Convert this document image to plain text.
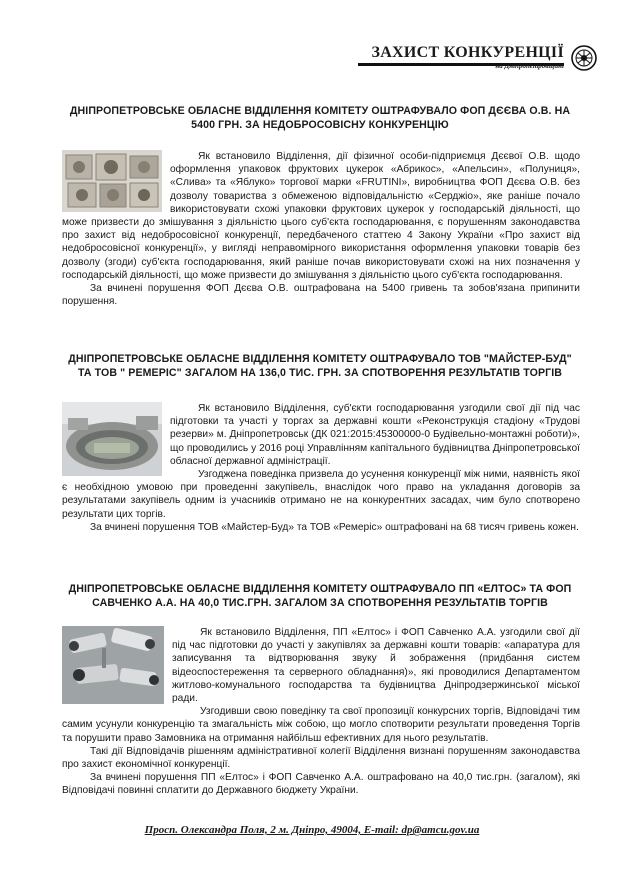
ЗАХИСТ КОНКУРЕНЦІЇ
на Дніпропетровщині
ДНІПРОПЕТРОВСЬКЕ ОБЛАСНЕ ВІДДІЛЕННЯ КОМІТЕТУ ОШТРАФУВАЛО ФОП ДЄЄВА О.В. НА 5400 ГРН. ЗА НЕДОБРОСОВІСНУ КОНКУРЕНЦІЮ

Як встановило Відділення, дії фізичної особи-підприємця Дєєвої О.В. щодо оформлення упаковок фруктових цукерок «Абрикос», «Апельсин», «Полуниця», «Слива» та «Яблуко» торгової марки «FRUTINI», виробництва ФОП Дєєва О.В. без дозволу товариства з обмеженою відповідальністю «Серджіо», яке раніше почало використовувати схожі упаковки фруктових цукерок у господарській діяльності, що може призвести до змішування з діяльністю цього суб'єкта господарювання, є порушенням законодавства про захист від недобросовісної конкуренції, передбаченого статтею 4 Закону України «Про захист від недобросовісної конкуренції», у вигляді неправомірного використання оформлення упаковки товарів без дозволу (згоди) суб'єкта господарювання, який раніше почав використовувати схожі на них позначення у господарській діяльності, що може призвести до змішування з діяльністю цього суб'єкта господарювання.

За вчинені порушення ФОП Дєєва О.В. оштрафована на 5400 гривень та зобов'язана припинити порушення.

ДНІПРОПЕТРОВСЬКЕ ОБЛАСНЕ ВІДДІЛЕННЯ КОМІТЕТУ ОШТРАФУВАЛО ТОВ "МАЙСТЕР-БУД" ТА ТОВ " РЕМЕРІС" ЗАГАЛОМ НА 136,0 ТИС. ГРН. ЗА СПОТВОРЕННЯ РЕЗУЛЬТАТІВ ТОРГІВ

Як встановило Відділення, суб'єкти господарювання узгодили свої дії під час підготовки та участі у торгах за державні кошти «Реконструкція стадіону «Трудові резерви» м. Дніпропетровськ (ДК 021:2015:45300000-0 Будівельно-монтажні роботи)», що проводились у 2016 році Управлінням капітального будівництва Дніпропетровської обласної державної адміністрації.

Узгоджена поведінка призвела до усунення конкуренції між ними, наявність якої є необхідною умовою при проведенні закупівель, внаслідок чого право на укладання договорів за результатами закупівель одним із учасників отримано не на конкурентних засадах, чим було спотворено результати цих торгів.

За вчинені порушення ТОВ «Майстер-Буд» та ТОВ «Ремеріс» оштрафовані на 68 тисяч гривень кожен.

ДНІПРОПЕТРОВСЬКЕ ОБЛАСНЕ ВІДДІЛЕННЯ КОМІТЕТУ ОШТРАФУВАЛО ПП «ЕЛТОС» ТА ФОП САВЧЕНКО А.А. НА 40,0 ТИС.ГРН. ЗАГАЛОМ ЗА СПОТВОРЕННЯ РЕЗУЛЬТАТІВ ТОРГІВ

Як встановило Відділення, ПП «Елтос» і ФОП Савченко А.А. узгодили свої дії під час підготовки до участі у закупівлях за державні кошти товарів: «апаратура для записування та відтворювання звуку й зображення (придбання систем відеоспостереження та серверного обладнання)», які проводилися Департаментом житлово-комунального господарства та будівництва Дніпродзержинської міської ради.

Узгодивши свою поведінку та свої пропозиції конкурсних торгів, Відповідачі тим самим усунули конкуренцію та змагальність між собою, що могло спотворити результати проведення Торгів та порушити право Замовника на отримання найбільш ефективних для нього результатів.

Такі дії Відповідачів рішенням адміністративної колегії Відділення визнані порушенням законодавства про захист економічної конкуренції.

За вчинені порушення ПП «Елтос» і ФОП Савченко А.А. оштрафовано на 40,0 тис.грн. (загалом), які Відповідачі повинні сплатити до Державного бюджету України.

Просп. Олександра Поля, 2 м. Дніпро, 49004, E-mail: dp@amcu.gov.ua
